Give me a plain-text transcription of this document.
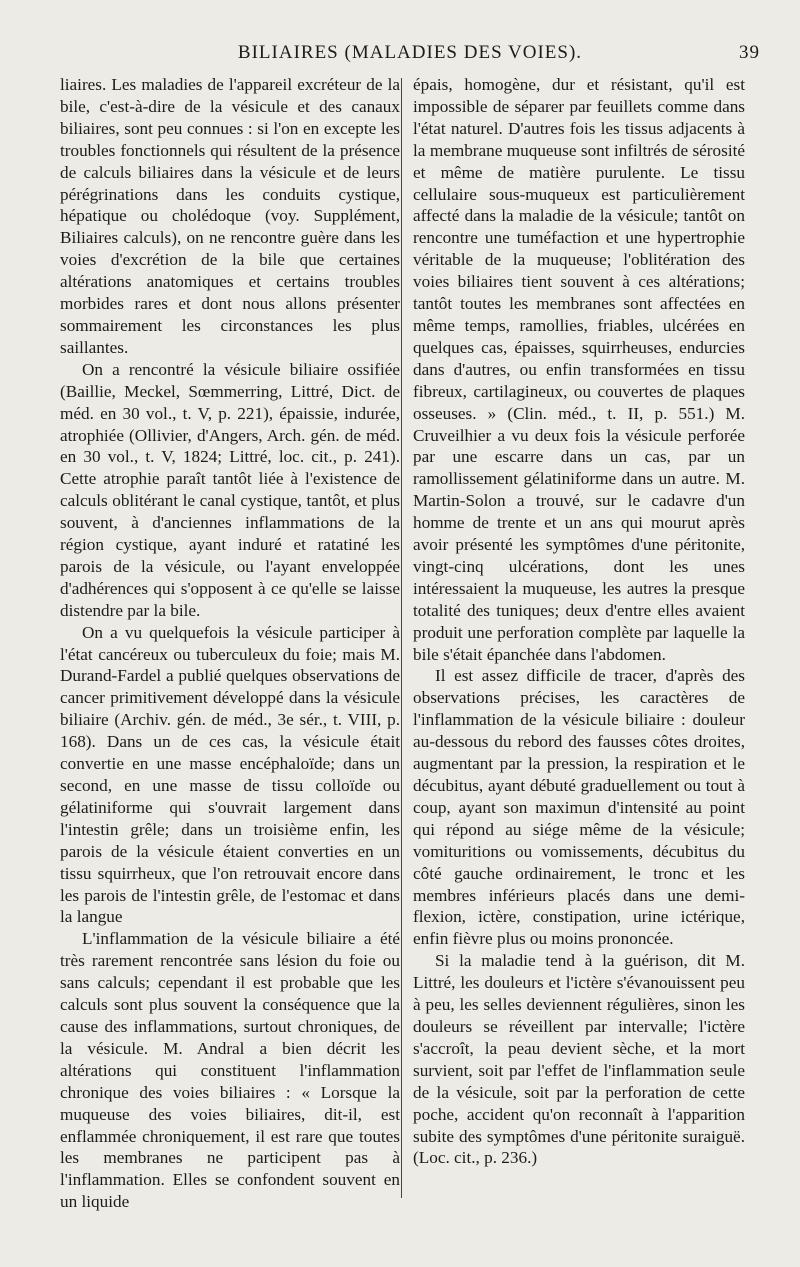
BILIAIRES (MALADIES DES VOIES).	39

liaires. Les maladies de l'appareil excréteur de la bile, c'est-à-dire de la vésicule et des canaux biliaires, sont peu connues : si l'on en excepte les troubles fonctionnels qui résultent de la présence de calculs biliaires dans la vésicule et de leurs pérégrinations dans les conduits cystique, hépatique ou cholédoque (voy. Supplément, Biliaires calculs), on ne rencontre guère dans les voies d'excrétion de la bile que certaines altérations anatomiques et certains troubles morbides rares et dont nous allons présenter sommairement les circonstances les plus saillantes.

On a rencontré la vésicule biliaire ossifiée (Baillie, Meckel, Sœmmerring, Littré, Dict. de méd. en 30 vol., t. V, p. 221), épaissie, indurée, atrophiée (Ollivier, d'Angers, Arch. gén. de méd. en 30 vol., t. V, 1824; Littré, loc. cit., p. 241). Cette atrophie paraît tantôt liée à l'existence de calculs oblitérant le canal cystique, tantôt, et plus souvent, à d'anciennes inflammations de la région cystique, ayant induré et ratatiné les parois de la vésicule, ou l'ayant enveloppée d'adhérences qui s'opposent à ce qu'elle se laisse distendre par la bile.

On a vu quelquefois la vésicule participer à l'état cancéreux ou tuberculeux du foie; mais M. Durand-Fardel a publié quelques observations de cancer primitivement développé dans la vésicule biliaire (Archiv. gén. de méd., 3e sér., t. VIII, p. 168). Dans un de ces cas, la vésicule était convertie en une masse encéphaloïde; dans un second, en une masse de tissu colloïde ou gélatiniforme qui s'ouvrait largement dans l'intestin grêle; dans un troisième enfin, les parois de la vésicule étaient converties en un tissu squirrheux, que l'on retrouvait encore dans les parois de l'intestin grêle, de l'estomac et dans la langue

L'inflammation de la vésicule biliaire a été très rarement rencontrée sans lésion du foie ou sans calculs; cependant il est probable que les calculs sont plus souvent la conséquence que la cause des inflammations, surtout chroniques, de la vésicule. M. Andral a bien décrit les altérations qui constituent l'inflammation chronique des voies biliaires : « Lorsque la muqueuse des voies biliaires, dit-il, est enflammée chroniquement, il est rare que toutes les membranes ne participent pas à l'inflammation. Elles se confondent souvent en un liquide

épais, homogène, dur et résistant, qu'il est impossible de séparer par feuillets comme dans l'état naturel. D'autres fois les tissus adjacents à la membrane muqueuse sont infiltrés de sérosité et même de matière purulente. Le tissu cellulaire sous-muqueux est particulièrement affecté dans la maladie de la vésicule; tantôt on rencontre une tuméfaction et une hypertrophie véritable de la muqueuse; l'oblitération des voies biliaires tient souvent à ces altérations; tantôt toutes les membranes sont affectées en même temps, ramollies, friables, ulcérées en quelques cas, épaisses, squirrheuses, endurcies dans d'autres, ou enfin transformées en tissu fibreux, cartilagineux, ou couvertes de plaques osseuses. » (Clin. méd., t. II, p. 551.) M. Cruveilhier a vu deux fois la vésicule perforée par une escarre dans un cas, par un ramollissement gélatiniforme dans un autre. M. Martin-Solon a trouvé, sur le cadavre d'un homme de trente et un ans qui mourut après avoir présenté les symptômes d'une péritonite, vingt-cinq ulcérations, dont les unes intéressaient la muqueuse, les autres la presque totalité des tuniques; deux d'entre elles avaient produit une perforation complète par laquelle la bile s'était épanchée dans l'abdomen.

Il est assez difficile de tracer, d'après des observations précises, les caractères de l'inflammation de la vésicule biliaire : douleur au-dessous du rebord des fausses côtes droites, augmentant par la pression, la respiration et le décubitus, ayant débuté graduellement ou tout à coup, ayant son maximun d'intensité au point qui répond au siége même de la vésicule; vomituritions ou vomissements, décubitus du côté gauche ordinairement, le tronc et les membres inférieurs placés dans une demi-flexion, ictère, constipation, urine ictérique, enfin fièvre plus ou moins prononcée.

Si la maladie tend à la guérison, dit M. Littré, les douleurs et l'ictère s'évanouissent peu à peu, les selles deviennent régulières, sinon les douleurs se réveillent par intervalle; l'ictère s'accroît, la peau devient sèche, et la mort survient, soit par l'effet de l'inflammation seule de la vésicule, soit par la perforation de cette poche, accident qu'on reconnaît à l'apparition subite des symptômes d'une péritonite suraiguë. (Loc. cit., p. 236.)
